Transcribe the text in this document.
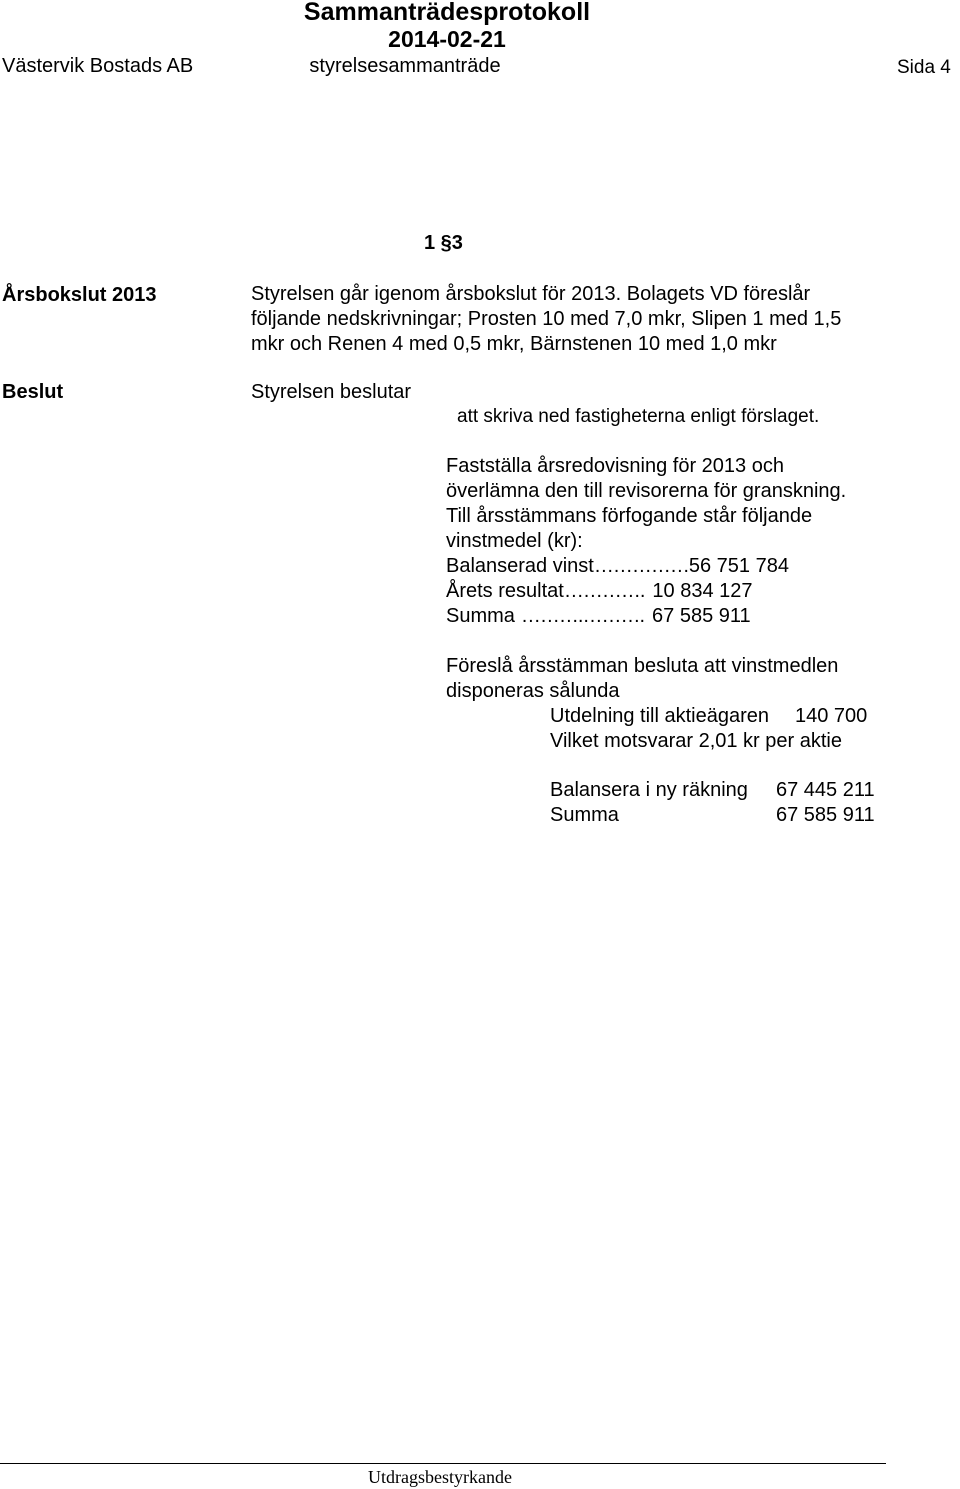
Sammanträdesprotokoll
2014-02-21
Västervik Bostads AB	styrelsesammanträde	Sida 4
1 §3
Årsbokslut 2013	Styrelsen går igenom årsbokslut för 2013. Bolagets VD föreslår
följande nedskrivningar; Prosten 10 med 7,0 mkr, Slipen 1 med 1,5
mkr och Renen 4 med 0,5 mkr, Bärnstenen 10 med 1,0 mkr
Beslut	Styrelsen beslutar
att skriva ned fastigheterna enligt förslaget.
Fastställa årsredovisning för 2013 och
överlämna den till revisorerna för granskning.
Till årsstämmans förfogande står följande
vinstmedel (kr):
Balanserad vinst……………56 751 784
Årets resultat…………. 10 834 127
Summa ……….………. 67 585 911
Föreslå årsstämman besluta att vinstmedlen
disponeras sålunda
Utdelning till aktieägaren 140 700
Vilket motsvarar 2,01 kr per aktie
Balansera i ny räkning 67 445 211
Summa	67 585 911
Utdragsbestyrkande
